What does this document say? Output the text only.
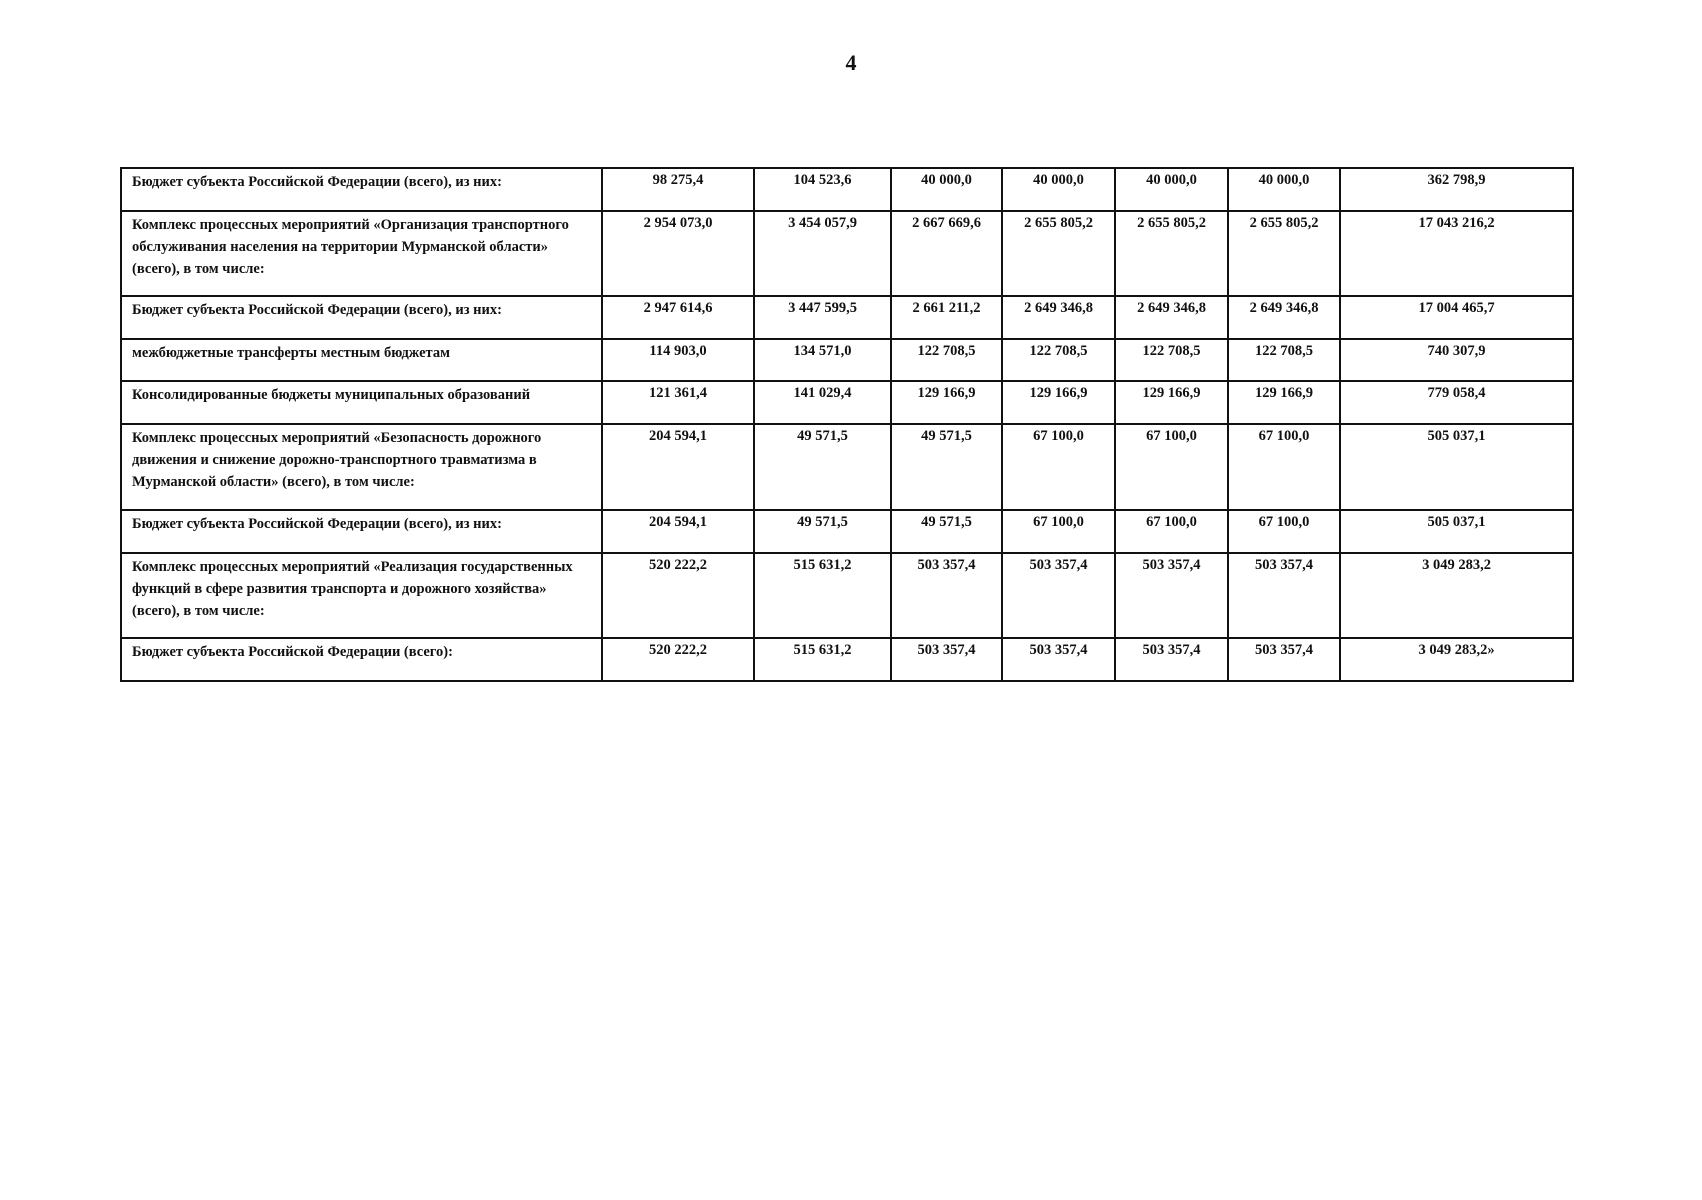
4
Бюджет субъекта Российской Федерации (всего), из них:	98 275,4	104 523,6	40 000,0	40 000,0	40 000,0	40 000,0	362 798,9
Комплекс процессных мероприятий «Организация транспортного обслуживания населения на территории Мурманской области» (всего), в том числе:	2 954 073,0	3 454 057,9	2 667 669,6	2 655 805,2	2 655 805,2	2 655 805,2	17 043 216,2
Бюджет субъекта Российской Федерации (всего), из них:	2 947 614,6	3 447 599,5	2 661 211,2	2 649 346,8	2 649 346,8	2 649 346,8	17 004 465,7
межбюджетные трансферты местным бюджетам	114 903,0	134 571,0	122 708,5	122 708,5	122 708,5	122 708,5	740 307,9
Консолидированные бюджеты муниципальных образований	121 361,4	141 029,4	129 166,9	129 166,9	129 166,9	129 166,9	779 058,4
Комплекс процессных мероприятий «Безопасность дорожного движения и снижение дорожно-транспортного травматизма в Мурманской области» (всего), в том числе:	204 594,1	49 571,5	49 571,5	67 100,0	67 100,0	67 100,0	505 037,1
Бюджет субъекта Российской Федерации (всего), из них:	204 594,1	49 571,5	49 571,5	67 100,0	67 100,0	67 100,0	505 037,1
Комплекс процессных мероприятий «Реализация государственных функций в сфере развития транспорта и дорожного хозяйства» (всего), в том числе:	520 222,2	515 631,2	503 357,4	503 357,4	503 357,4	503 357,4	3 049 283,2
Бюджет субъекта Российской Федерации (всего):	520 222,2	515 631,2	503 357,4	503 357,4	503 357,4	503 357,4	3 049 283,2»
